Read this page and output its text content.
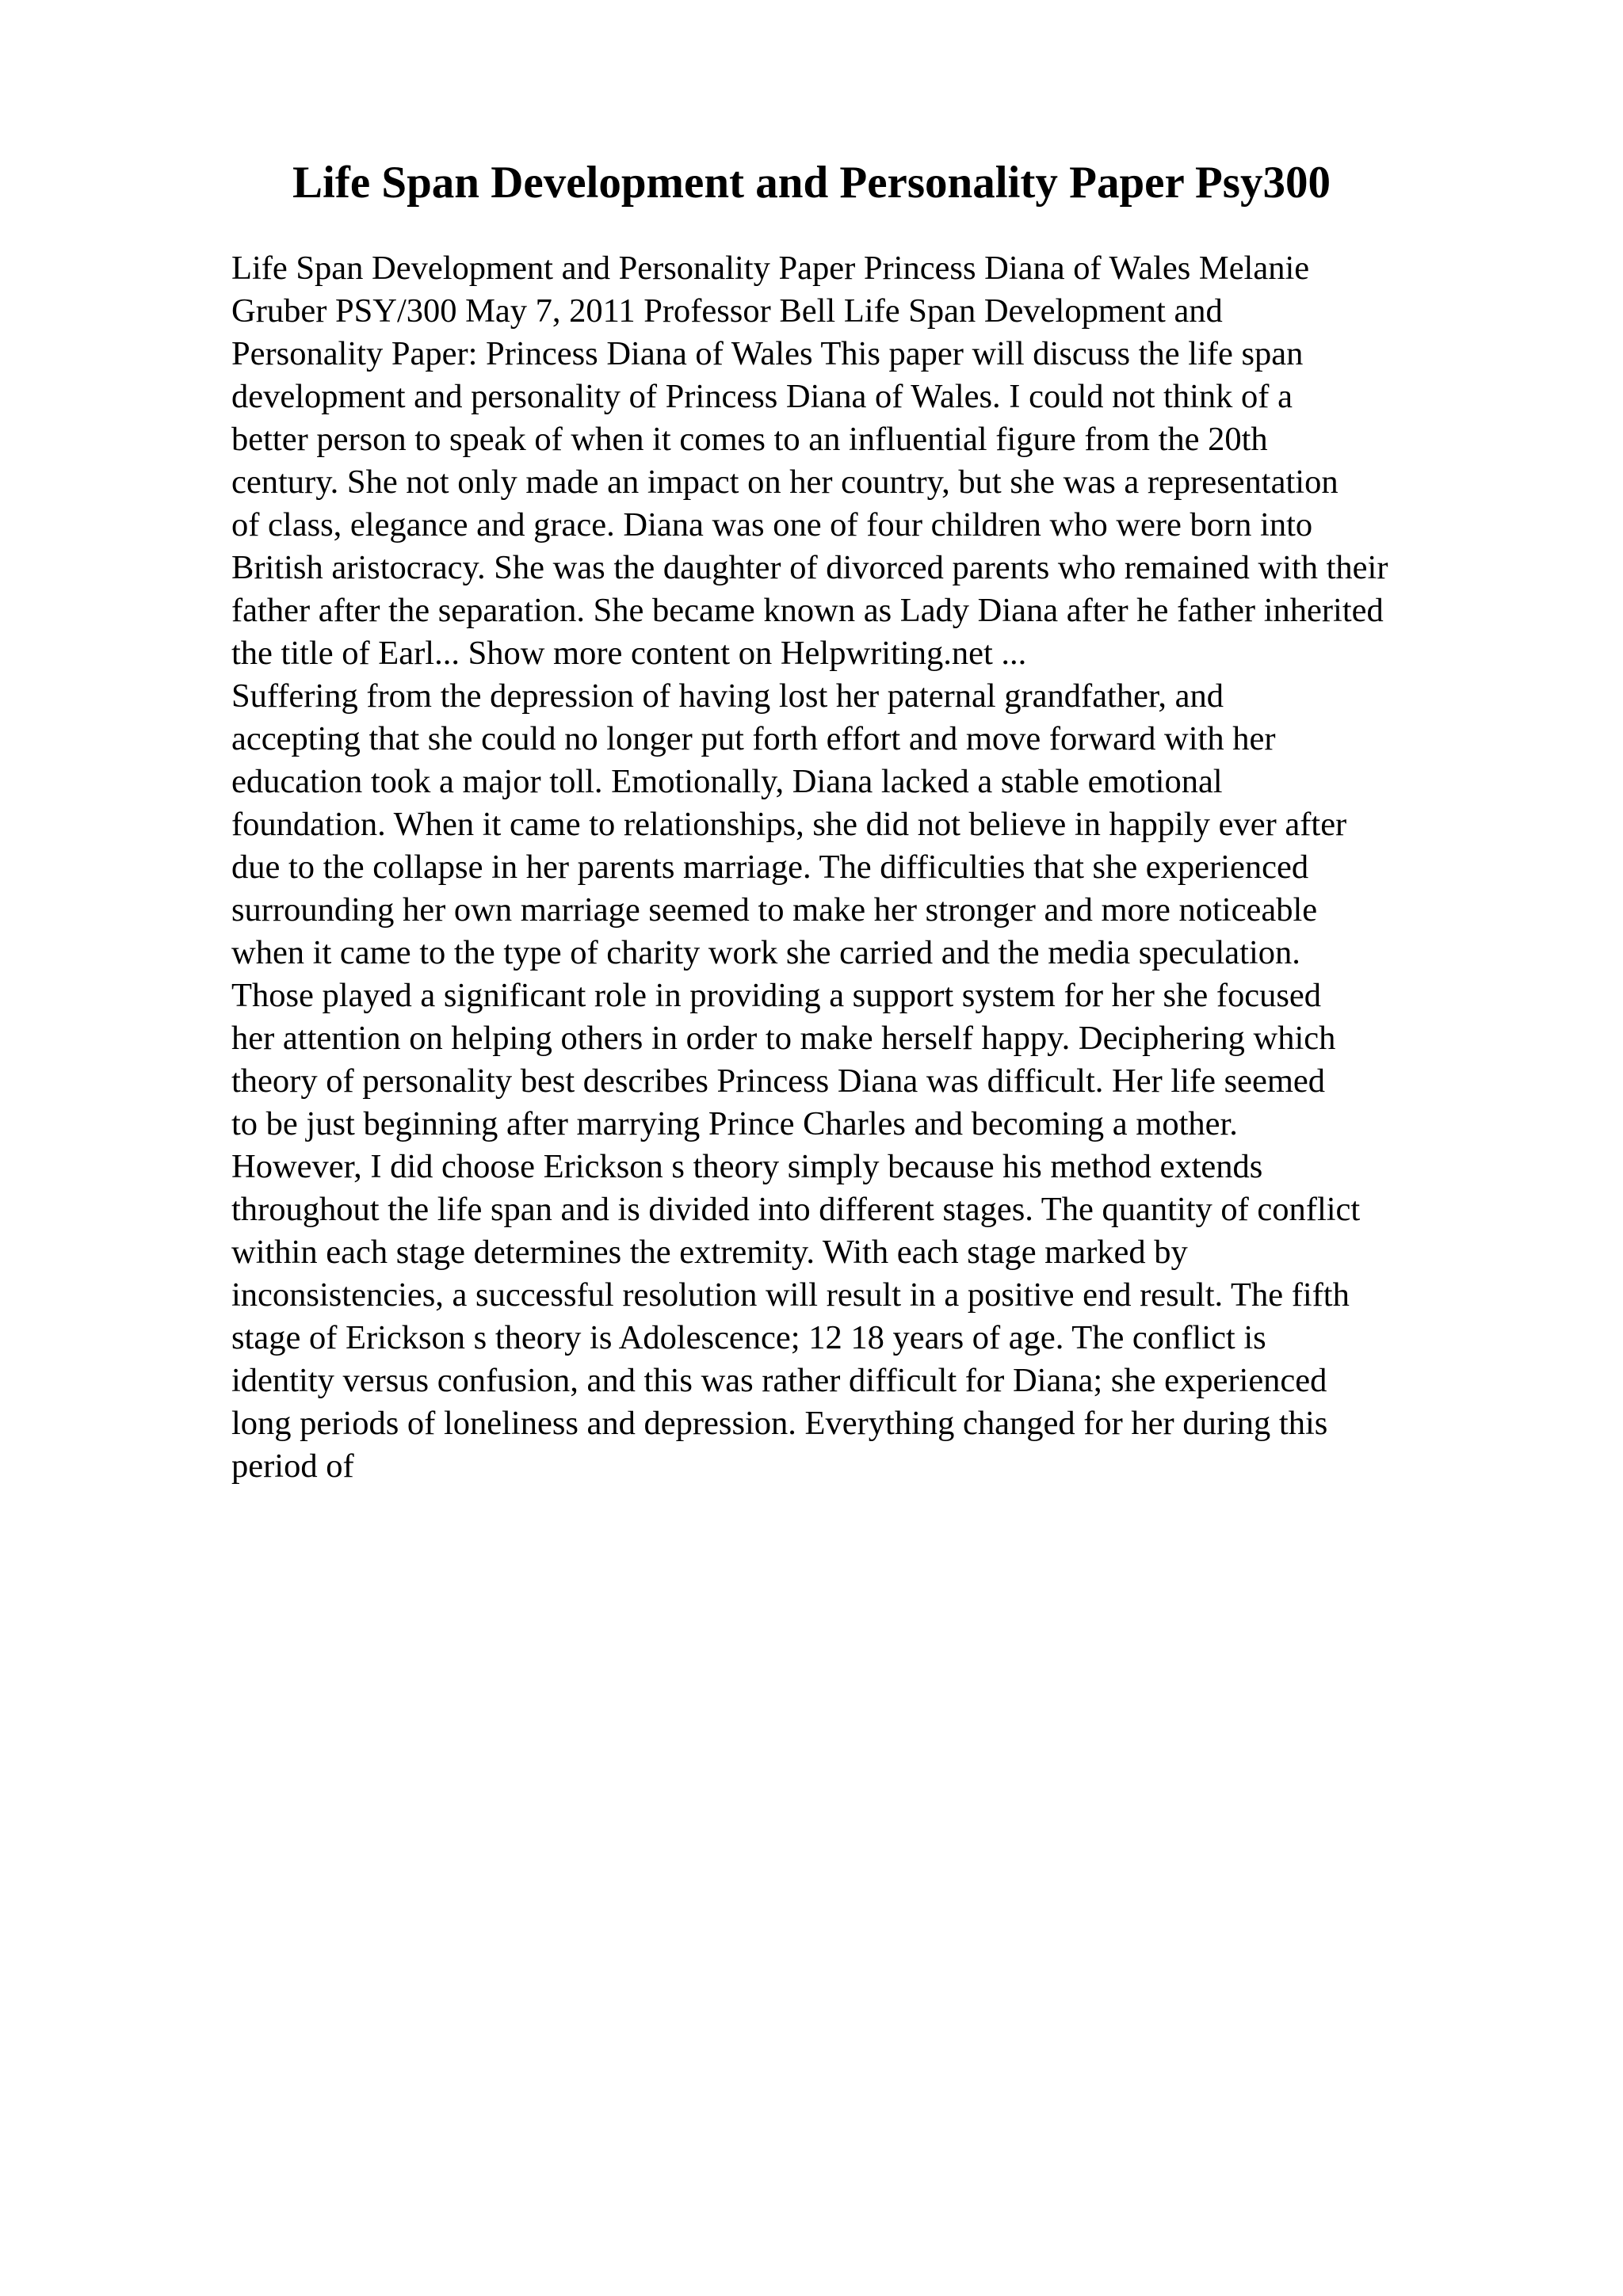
Life Span Development and Personality Paper Psy300
Life Span Development and Personality Paper Princess Diana of Wales Melanie
Gruber PSY/300 May 7, 2011 Professor Bell Life Span Development and
Personality Paper: Princess Diana of Wales This paper will discuss the life span
development and personality of Princess Diana of Wales. I could not think of a
better person to speak of when it comes to an influential figure from the 20th
century. She not only made an impact on her country, but she was a representation
of class, elegance and grace. Diana was one of four children who were born into
British aristocracy. She was the daughter of divorced parents who remained with their
father after the separation. She became known as Lady Diana after he father inherited
the title of Earl... Show more content on Helpwriting.net ...
Suffering from the depression of having lost her paternal grandfather, and
accepting that she could no longer put forth effort and move forward with her
education took a major toll. Emotionally, Diana lacked a stable emotional
foundation. When it came to relationships, she did not believe in happily ever after
due to the collapse in her parents marriage. The difficulties that she experienced
surrounding her own marriage seemed to make her stronger and more noticeable
when it came to the type of charity work she carried and the media speculation.
Those played a significant role in providing a support system for her she focused
her attention on helping others in order to make herself happy. Deciphering which
theory of personality best describes Princess Diana was difficult. Her life seemed
to be just beginning after marrying Prince Charles and becoming a mother.
However, I did choose Erickson s theory simply because his method extends
throughout the life span and is divided into different stages. The quantity of conflict
within each stage determines the extremity. With each stage marked by
inconsistencies, a successful resolution will result in a positive end result. The fifth
stage of Erickson s theory is Adolescence; 12 18 years of age. The conflict is
identity versus confusion, and this was rather difficult for Diana; she experienced
long periods of loneliness and depression. Everything changed for her during this
period of
